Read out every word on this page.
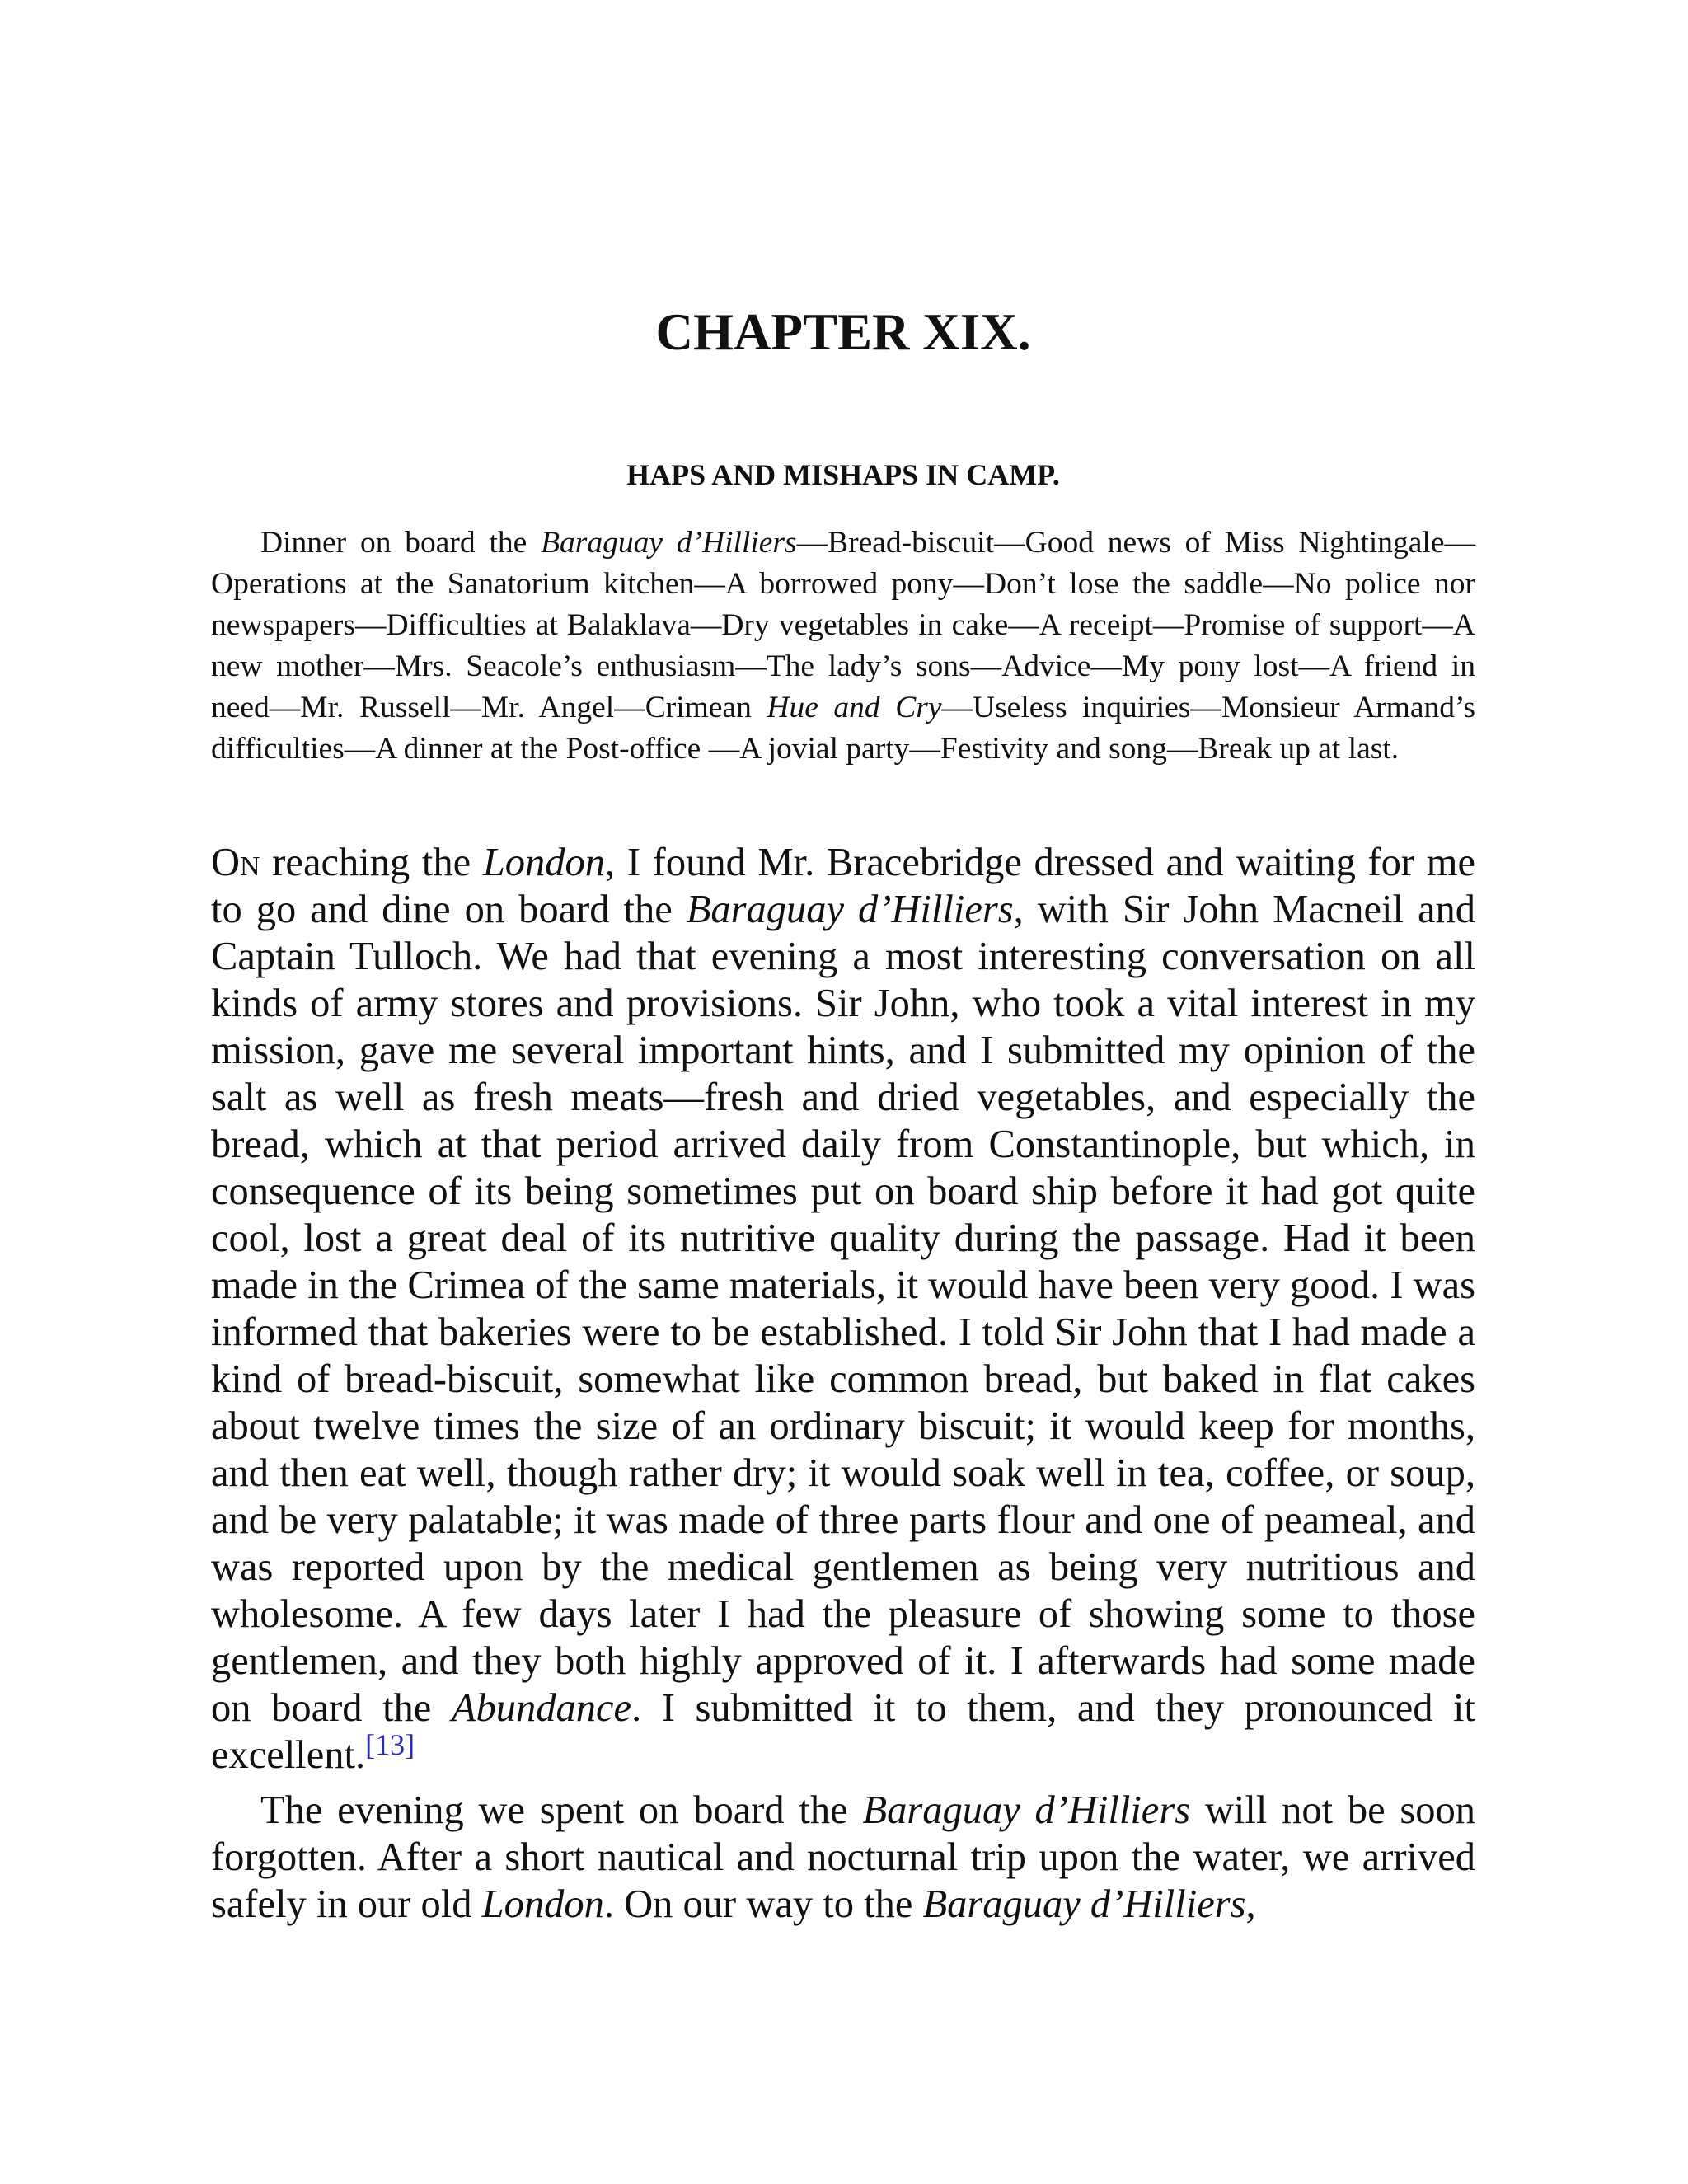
CHAPTER XIX.
HAPS AND MISHAPS IN CAMP.

Dinner on board the Baraguay d’Hilliers—Bread-biscuit—Good news of Miss Nightingale—Operations at the Sanatorium kitchen—A borrowed pony—Don’t lose the saddle—No police nor newspapers—Difficulties at Balaklava—Dry vegetables in cake—A receipt—Promise of support—A new mother—Mrs. Seacole’s enthusiasm—The lady’s sons—Advice—My pony lost—A friend in need—Mr. Russell—Mr. Angel—Crimean Hue and Cry—Useless inquiries—Monsieur Armand’s difficulties—A dinner at the Post-office —A jovial party—Festivity and song—Break up at last.

On reaching the London, I found Mr. Bracebridge dressed and waiting for me to go and dine on board the Baraguay d’Hilliers, with Sir John Macneil and Captain Tulloch. We had that evening a most interesting conversation on all kinds of army stores and provisions. Sir John, who took a vital interest in my mission, gave me several important hints, and I submitted my opinion of the salt as well as fresh meats—fresh and dried vegetables, and especially the bread, which at that period arrived daily from Constantinople, but which, in consequence of its being sometimes put on board ship before it had got quite cool, lost a great deal of its nutritive quality during the passage. Had it been made in the Crimea of the same materials, it would have been very good. I was informed that bakeries were to be established. I told Sir John that I had made a kind of bread-biscuit, somewhat like common bread, but baked in flat cakes about twelve times the size of an ordinary biscuit; it would keep for months, and then eat well, though rather dry; it would soak well in tea, coffee, or soup, and be very palatable; it was made of three parts flour and one of peameal, and was reported upon by the medical gentlemen as being very nutritious and wholesome. A few days later I had the pleasure of showing some to those gentlemen, and they both highly approved of it. I afterwards had some made on board the Abundance. I submitted it to them, and they pronounced it excellent.[13]

The evening we spent on board the Baraguay d’Hilliers will not be soon forgotten. After a short nautical and nocturnal trip upon the water, we arrived safely in our old London. On our way to the Baraguay d’Hilliers,
